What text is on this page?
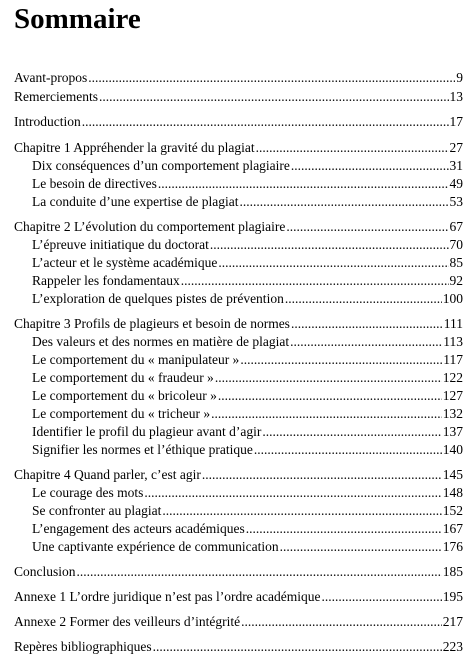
Sommaire
Avant-propos .....	9
Remerciements .....	13
Introduction .....	17
Chapitre 1 Appréhender la gravité du plagiat .....	27
Dix conséquences d’un comportement plagiaire .....	31
Le besoin de directives .....	49
La conduite d’une expertise de plagiat .....	53
Chapitre 2 L’évolution du comportement plagiaire .....	67
L’épreuve initiatique du doctorat .....	70
L’acteur et le système académique .....	85
Rappeler les fondamentaux .....	92
L’exploration de quelques pistes de prévention .....	100
Chapitre 3 Profils de plagieurs et besoin de normes .....	111
Des valeurs et des normes en matière de plagiat .....	113
Le comportement du « manipulateur » .....	117
Le comportement du « fraudeur » .....	122
Le comportement du « bricoleur » .....	127
Le comportement du « tricheur » .....	132
Identifier le profil du plagieur avant d’agir .....	137
Signifier les normes et l’éthique pratique .....	140
Chapitre 4 Quand parler, c’est agir .....	145
Le courage des mots .....	148
Se confronter au plagiat .....	152
L’engagement des acteurs académiques .....	167
Une captivante expérience de communication .....	176
Conclusion .....	185
Annexe 1 L’ordre juridique n’est pas l’ordre académique .....	195
Annexe 2 Former des veilleurs d’intégrité .....	217
Repères bibliographiques .....	223
